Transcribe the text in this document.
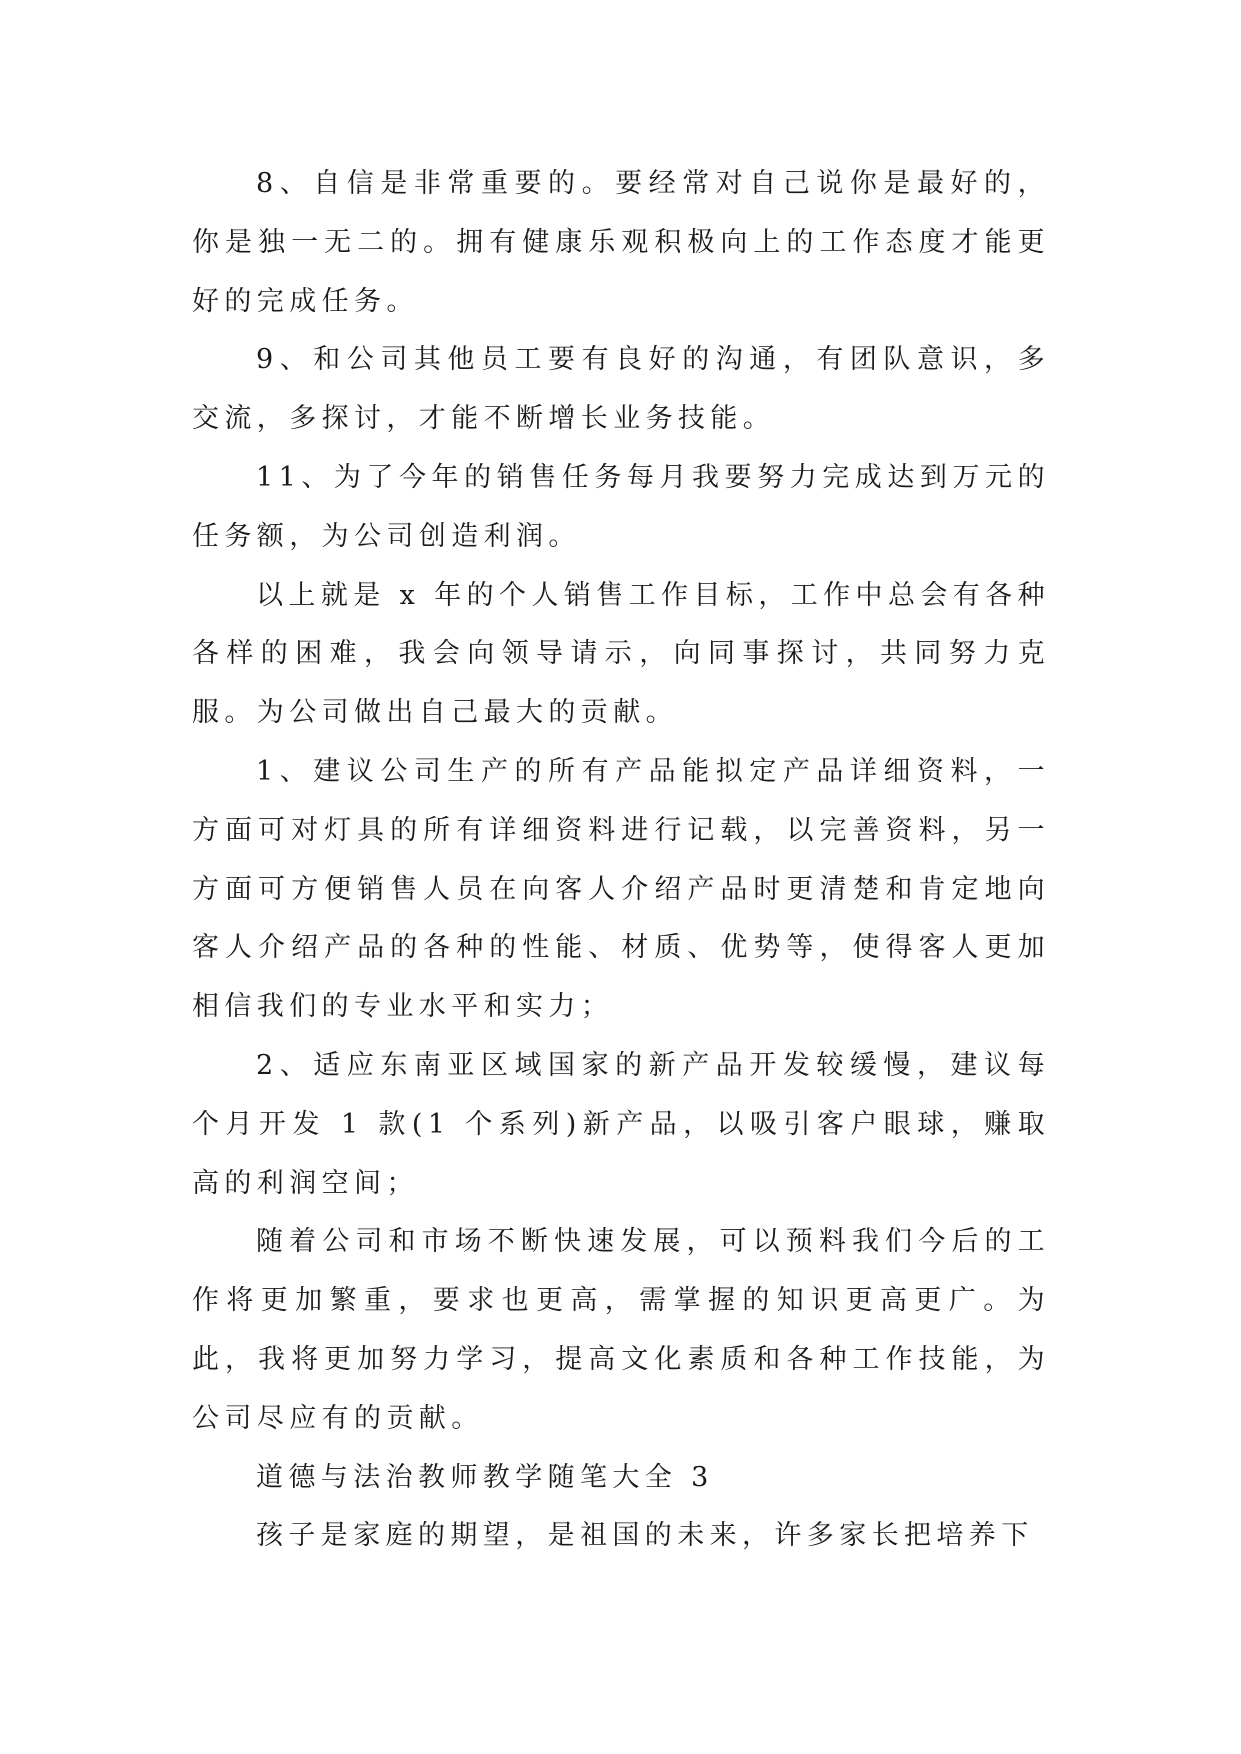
8、自信是非常重要的。要经常对自己说你是最好的，你是独一无二的。拥有健康乐观积极向上的工作态度才能更好的完成任务。

9、和公司其他员工要有良好的沟通，有团队意识，多交流，多探讨，才能不断增长业务技能。

11、为了今年的销售任务每月我要努力完成达到万元的任务额，为公司创造利润。

以上就是 x 年的个人销售工作目标，工作中总会有各种各样的困难，我会向领导请示，向同事探讨，共同努力克服。为公司做出自己最大的贡献。

1、建议公司生产的所有产品能拟定产品详细资料，一方面可对灯具的所有详细资料进行记载，以完善资料，另一方面可方便销售人员在向客人介绍产品时更清楚和肯定地向客人介绍产品的各种的性能、材质、优势等，使得客人更加相信我们的专业水平和实力；

2、适应东南亚区域国家的新产品开发较缓慢，建议每个月开发 1 款(1 个系列)新产品，以吸引客户眼球，赚取高的利润空间；

随着公司和市场不断快速发展，可以预料我们今后的工作将更加繁重，要求也更高，需掌握的知识更高更广。为此，我将更加努力学习，提高文化素质和各种工作技能，为公司尽应有的贡献。

道德与法治教师教学随笔大全 3

孩子是家庭的期望，是祖国的未来，许多家长把培养下
